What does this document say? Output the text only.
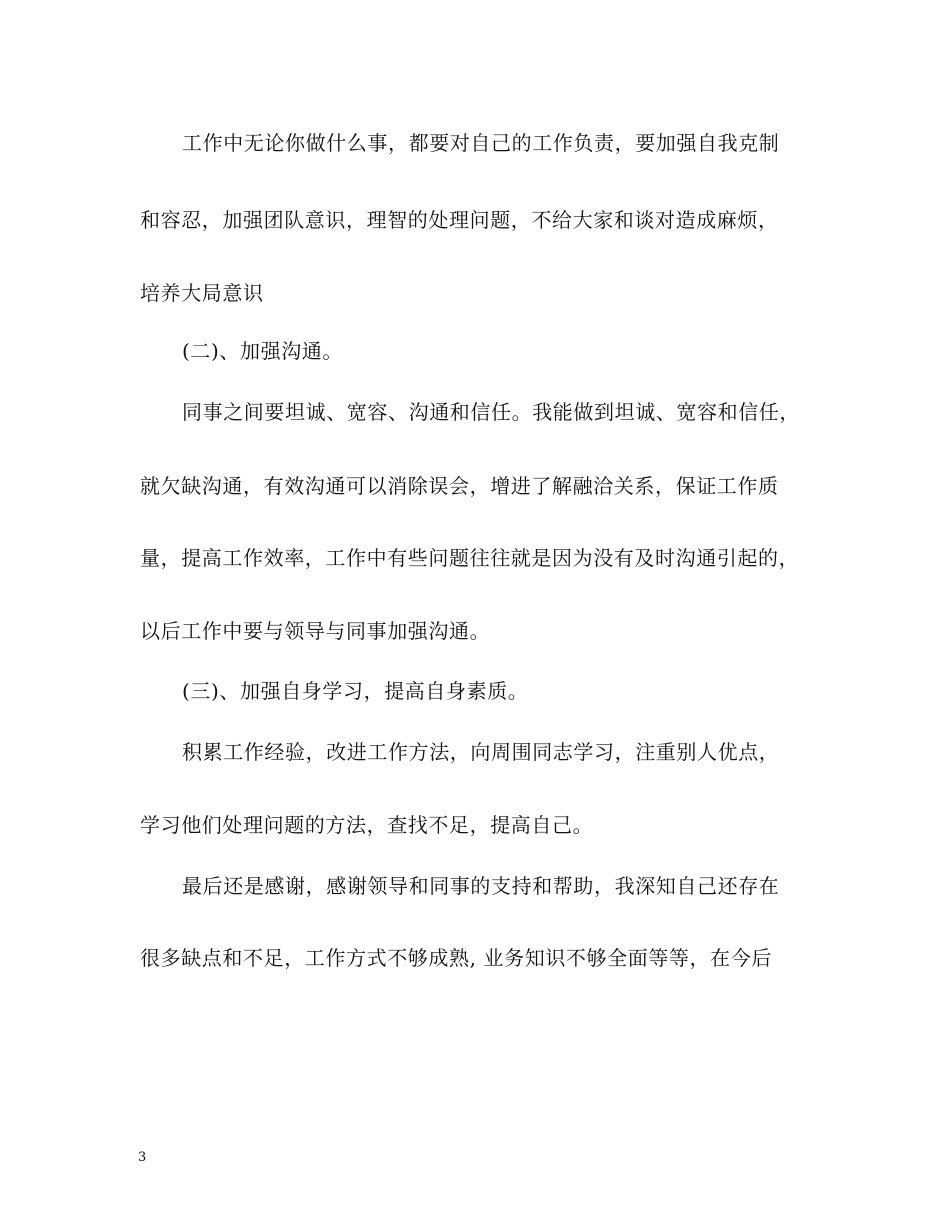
工作中无论你做什么事，都要对自己的工作负责，要加强自我克制
和容忍，加强团队意识，理智的处理问题，不给大家和谈对造成麻烦，
培养大局意识
(二)、加强沟通。
同事之间要坦诚、宽容、沟通和信任。我能做到坦诚、宽容和信任，
就欠缺沟通，有效沟通可以消除误会，增进了解融洽关系，保证工作质
量，提高工作效率，工作中有些问题往往就是因为没有及时沟通引起的，
以后工作中要与领导与同事加强沟通。
(三)、加强自身学习，提高自身素质。
积累工作经验，改进工作方法，向周围同志学习，注重别人优点，
学习他们处理问题的方法，查找不足，提高自己。
最后还是感谢，感谢领导和同事的支持和帮助，我深知自己还存在
很多缺点和不足，工作方式不够成熟, 业务知识不够全面等等，在今后
3
